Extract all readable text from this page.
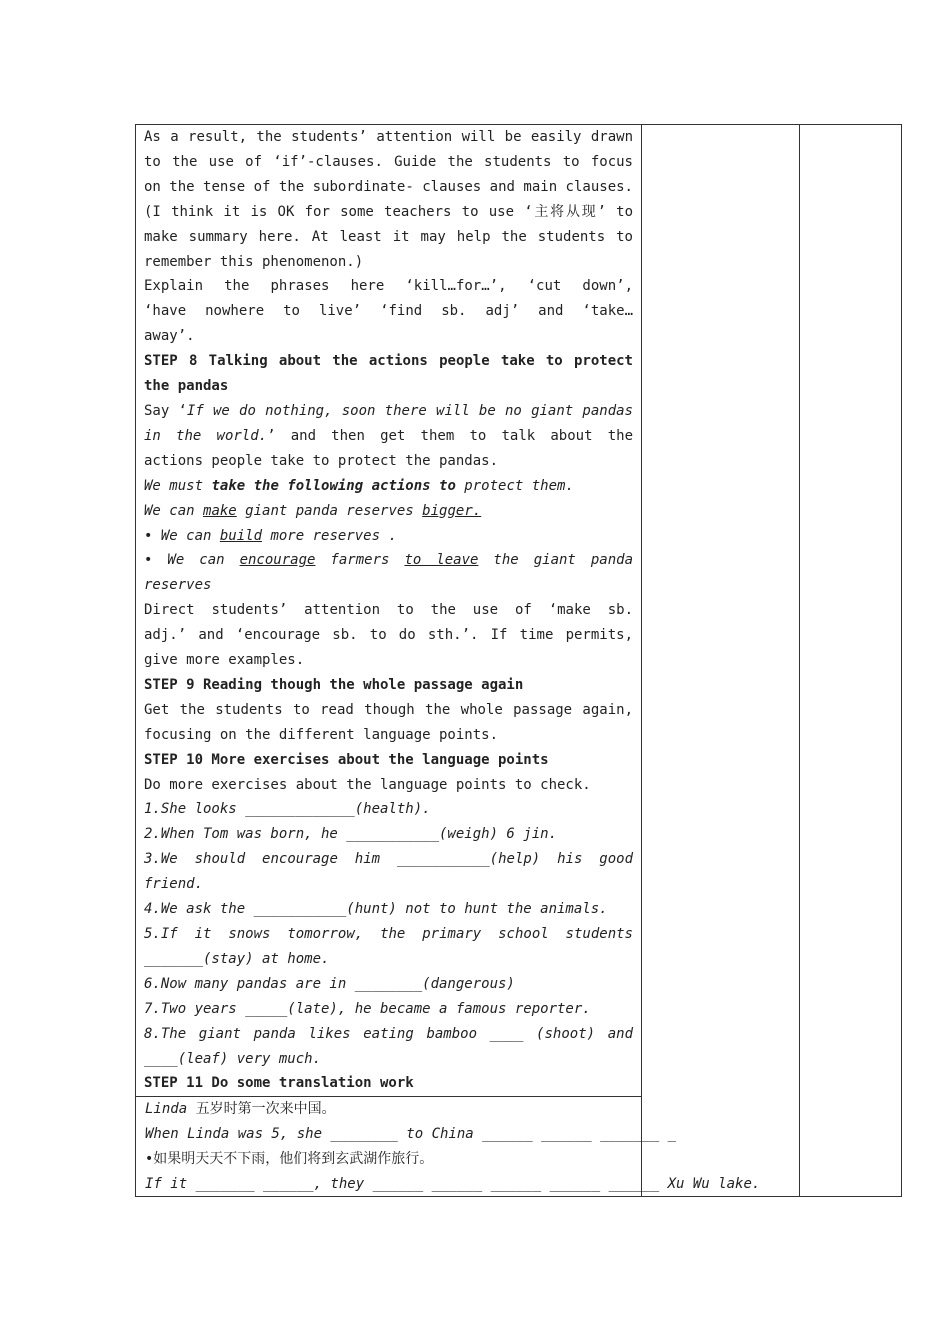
As a result, the students’ attention will be easily drawn
to the use of ‘if’-clauses. Guide the students to focus
on the tense of the subordinate- clauses and main clauses.
(I think it is OK for some teachers to use ‘主将从现’ to
make summary here. At least it may help the students to
remember this phenomenon.)
Explain the phrases here ‘kill…for…’, ‘cut down’,
‘have nowhere to live’ ‘find sb. adj’ and ‘take…
away’.
STEP 8 Talking about the actions people take to protect
the pandas
Say ‘If we do nothing, soon there will be no giant pandas
in the world.’ and then get them to talk about the
actions people take to protect the pandas.
We must take the following actions to protect them.
We can make giant panda reserves bigger.
• We can build more reserves .
• We can encourage farmers to leave the giant panda
reserves
Direct students’ attention to the use of ‘make sb.
adj.’ and ‘encourage sb. to do sth.’. If time permits,
give more examples.
STEP 9 Reading though the whole passage again
Get the students to read though the whole passage again,
focusing on the different language points.
STEP 10 More exercises about the language points
Do more exercises about the language points to check.
1.She looks _____________(health).
2.When Tom was born, he ___________(weigh) 6 jin.
3.We should encourage him ___________(help) his good
friend.
4.We ask the ___________(hunt) not to hunt the animals.
5.If it snows tomorrow, the primary school students
_______(stay) at home.
6.Now many pandas are in ________(dangerous)
7.Two years _____(late), he became a famous reporter.
8.The giant panda likes eating bamboo ____ (shoot) and
____(leaf) very much.
STEP 11 Do some translation work
Linda 五岁时第一次来中国。
When Linda was 5, she ________ to China ______ ______ _______ _
•如果明天天不下雨，他们将到玄武湖作旅行。
If it _______ ______, they ______ ______ ______ ______ ______ Xu Wu lake.
